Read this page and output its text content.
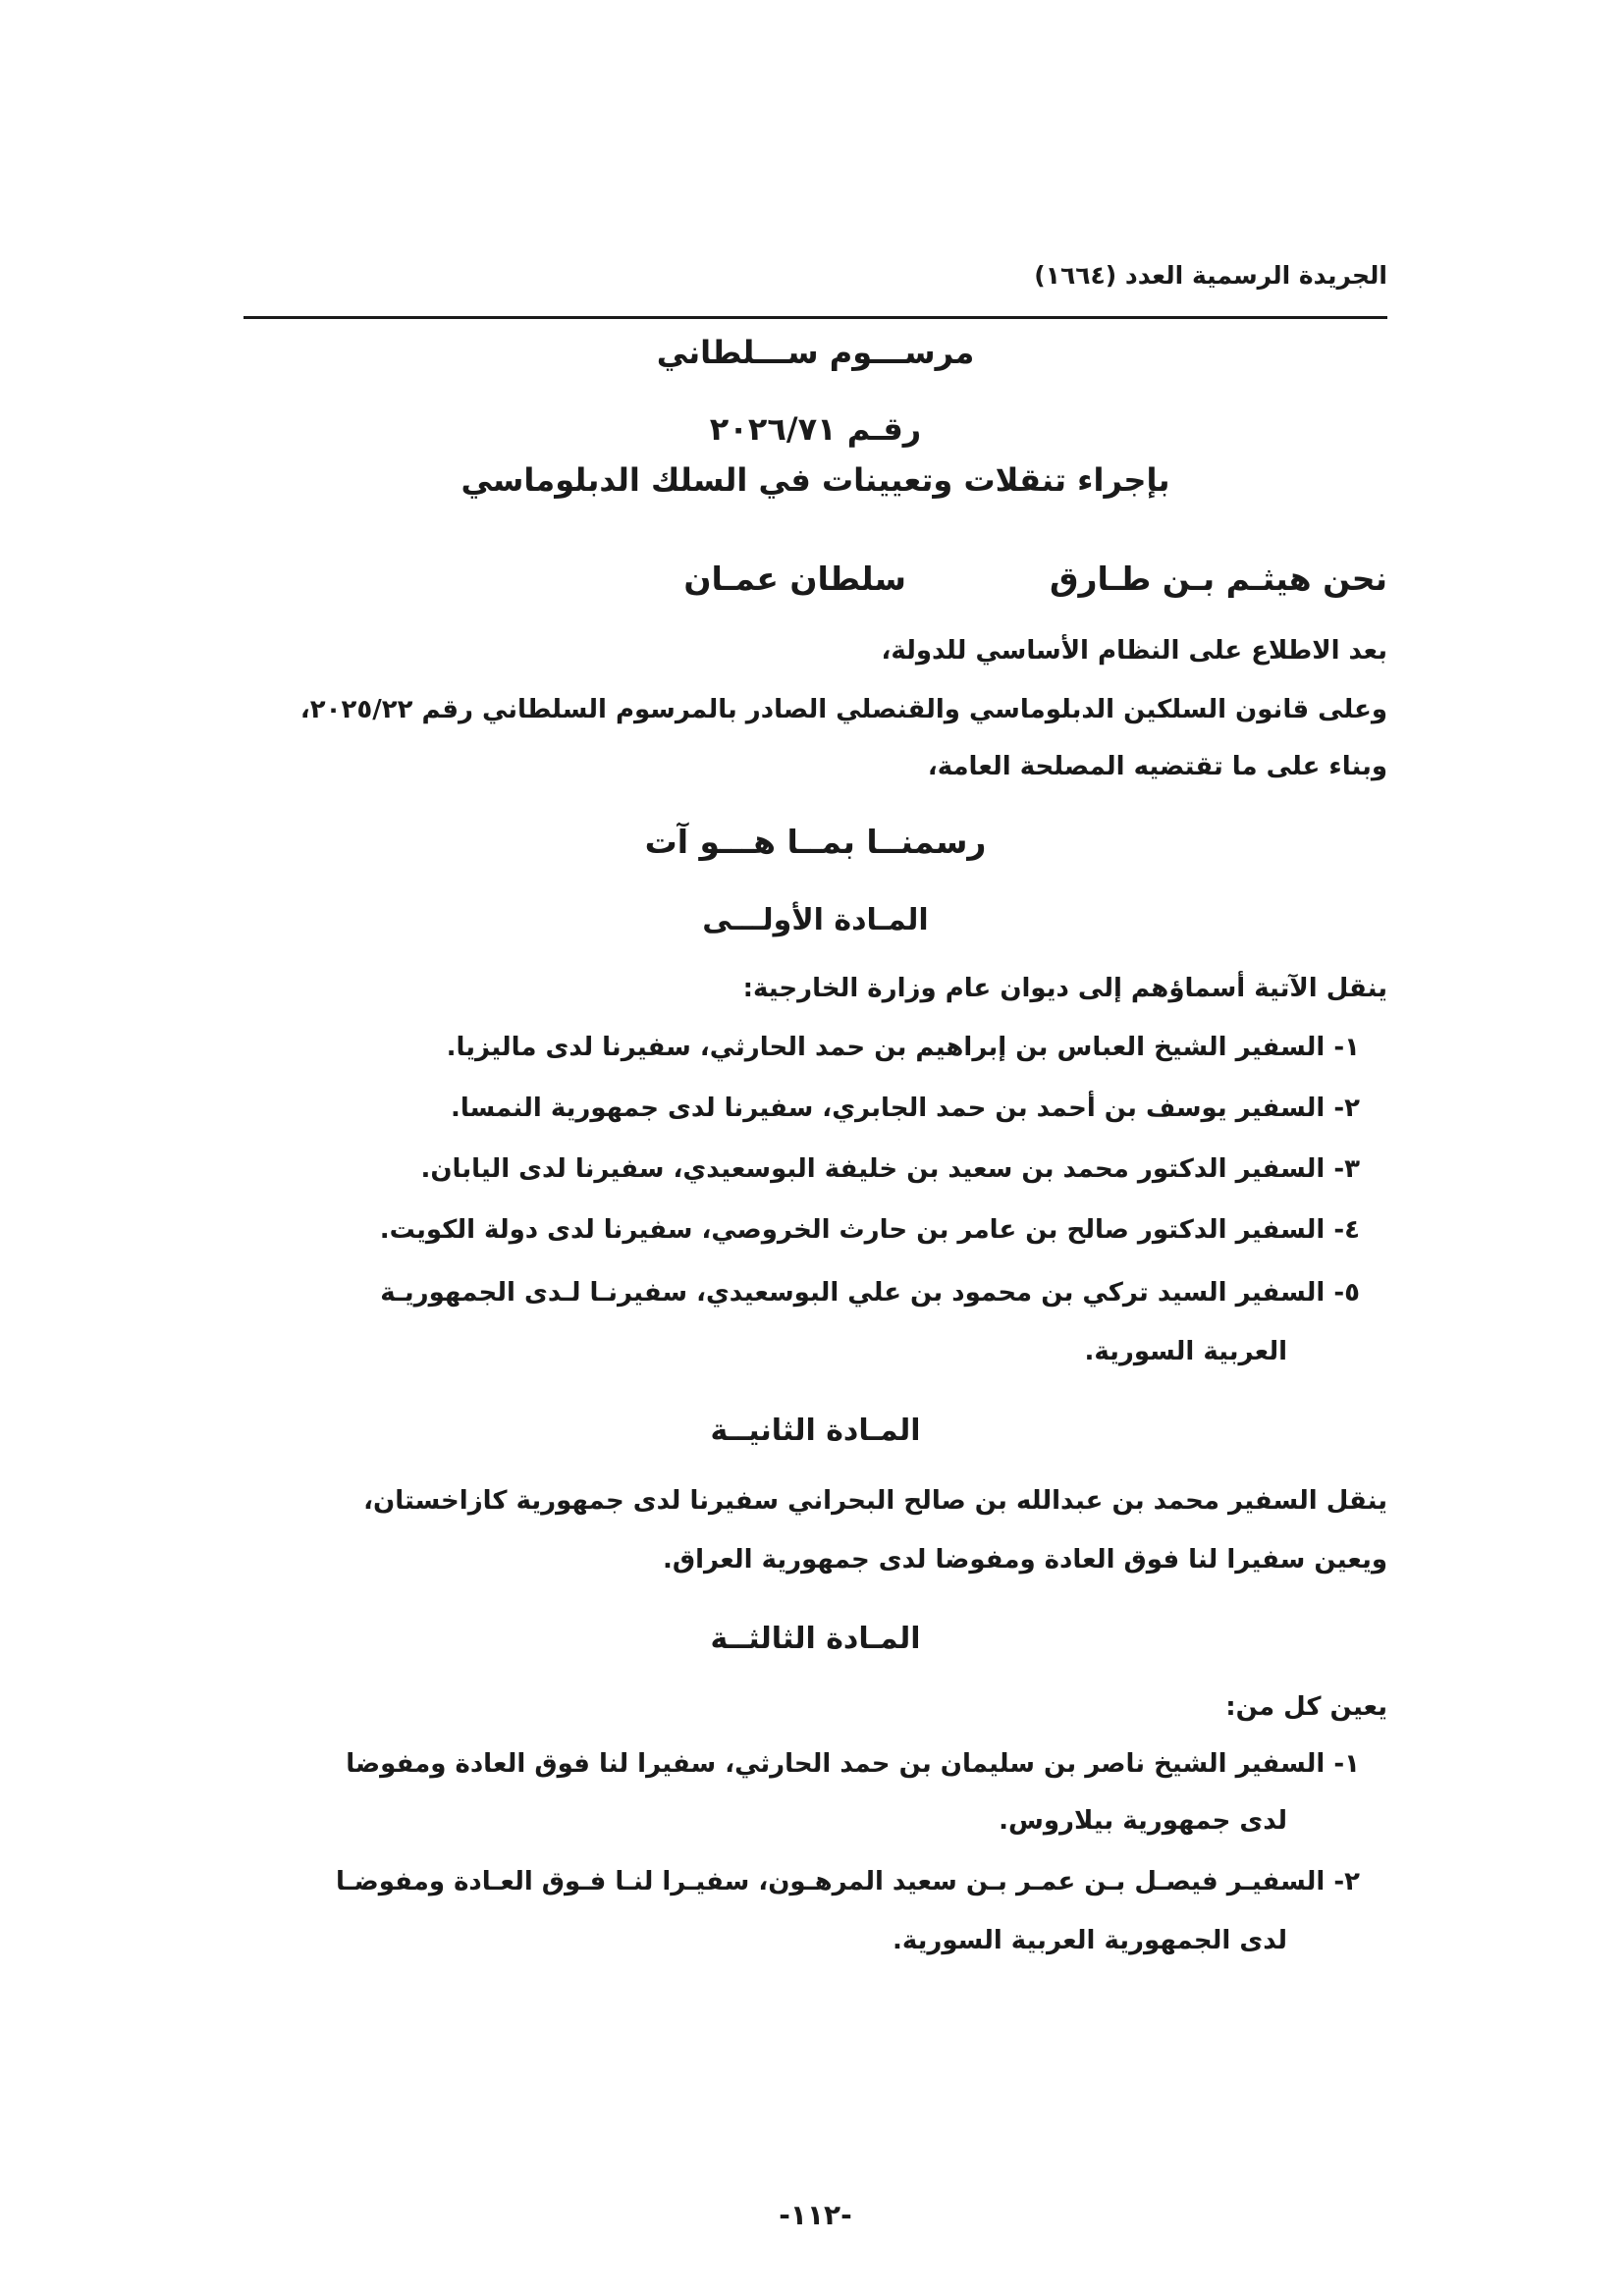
الجريدة الرسمية العدد (١٦٦٤)
مرســـوم ســـلطاني
رقـم ٢٠٢٦/٧١
بإجراء تنقلات وتعيينات في السلك الدبلوماسي
نحن هيثـم بـن طـارق
سلطان عمـان
بعد الاطلاع على النظام الأساسي للدولة،
وعلى قانون السلكين الدبلوماسي والقنصلي الصادر بالمرسوم السلطاني رقم ٢٠٢٥/٢٢،
وبناء على ما تقتضيه المصلحة العامة،
رسمنــا بمــا هـــو آت
المـادة الأولـــى
ينقل الآتية أسماؤهم إلى ديوان عام وزارة الخارجية:
١- السفير الشيخ العباس بن إبراهيم بن حمد الحارثي، سفيرنا لدى ماليزيا.
٢- السفير يوسف بن أحمد بن حمد الجابري، سفيرنا لدى جمهورية النمسا.
٣- السفير الدكتور محمد بن سعيد بن خليفة البوسعيدي، سفيرنا لدى اليابان.
٤- السفير الدكتور صالح بن عامر بن حارث الخروصي، سفيرنا لدى دولة الكويت.
٥- السفير السيد تركي بن محمود بن علي البوسعيدي، سفيرنـا لـدى الجمهوريـة
العربية السورية.
المـادة الثانيــة
ينقل السفير محمد بن عبدالله بن صالح البحراني سفيرنا لدى جمهورية كازاخستان،
ويعين سفيرا لنا فوق العادة ومفوضا لدى جمهورية العراق.
المـادة الثالثــة
يعين كل من:
١- السفير الشيخ ناصر بن سليمان بن حمد الحارثي، سفيرا لنا فوق العادة ومفوضا
لدى جمهورية بيلاروس.
٢- السفيـر فيصـل بـن عمـر بـن سعيد المرهـون، سفيـرا لنـا فـوق العـادة ومفوضـا
لدى الجمهورية العربية السورية.
-١١٢-
